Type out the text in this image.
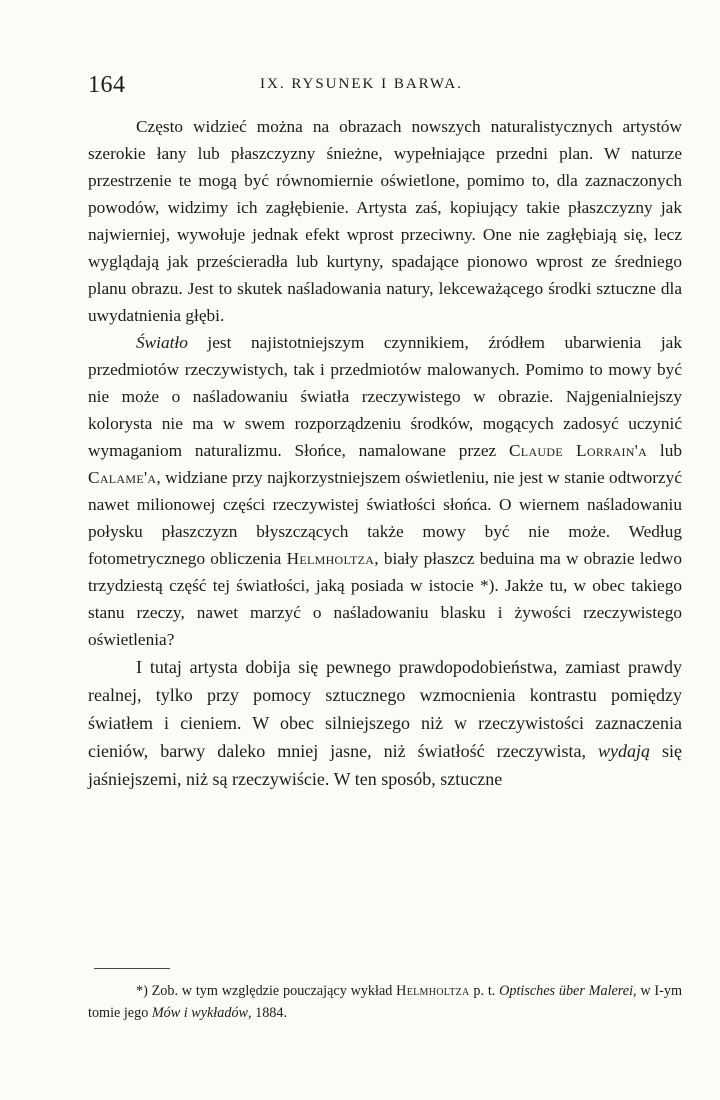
164	IX. RYSUNEK I BARWA.

Często widzieć można na obrazach nowszych naturalistycznych artystów szerokie łany lub płaszczyzny śnieżne, wypełniające przedni plan. W naturze przestrzenie te mogą być równomiernie oświetlone, pomimo to, dla zaznaczonych powodów, widzimy ich zagłębienie. Artysta zaś, kopiujący takie płaszczyzny jak najwierniej, wywołuje jednak efekt wprost przeciwny. One nie zagłębiają się, lecz wyglądają jak prześcieradła lub kurtyny, spadające pionowo wprost ze średniego planu obrazu. Jest to skutek naśladowania natury, lekceważącego środki sztuczne dla uwydatnienia głębi.

Światło jest najistotniejszym czynnikiem, źródłem ubarwienia jak przedmiotów rzeczywistych, tak i przedmiotów malowanych. Pomimo to mowy być nie może o naśladowaniu światła rzeczywistego w obrazie. Najgenialniejszy kolorysta nie ma w swem rozporządzeniu środków, mogących zadosyć uczynić wymaganiom naturalizmu. Słońce, namalowane przez Claude Lorrain'a lub Calame'a, widziane przy najkorzystniejszem oświetleniu, nie jest w stanie odtworzyć nawet milionowej części rzeczywistej światłości słońca. O wiernem naśladowaniu połysku płaszczyzn błyszczących także mowy być nie może. Według fotometrycznego obliczenia Helmholtza, biały płaszcz beduina ma w obrazie ledwo trzydziestą część tej światłości, jaką posiada w istocie *). Jakże tu, w obec takiego stanu rzeczy, nawet marzyć o naśladowaniu blasku i żywości rzeczywistego oświetlenia?

I tutaj artysta dobija się pewnego prawdopodobieństwa, zamiast prawdy realnej, tylko przy pomocy sztucznego wzmocnienia kontrastu pomiędzy światłem i cieniem. W obec silniejszego niż w rzeczywistości zaznaczenia cieniów, barwy daleko mniej jasne, niż światłość rzeczywista, wydają się jaśniejszemi, niż są rzeczywiście. W ten sposób, sztuczne

*) Zob. w tym względzie pouczający wykład Helmholtza p. t. Optisches über Malerei, w I-ym tomie jego Mów i wykładów, 1884.
